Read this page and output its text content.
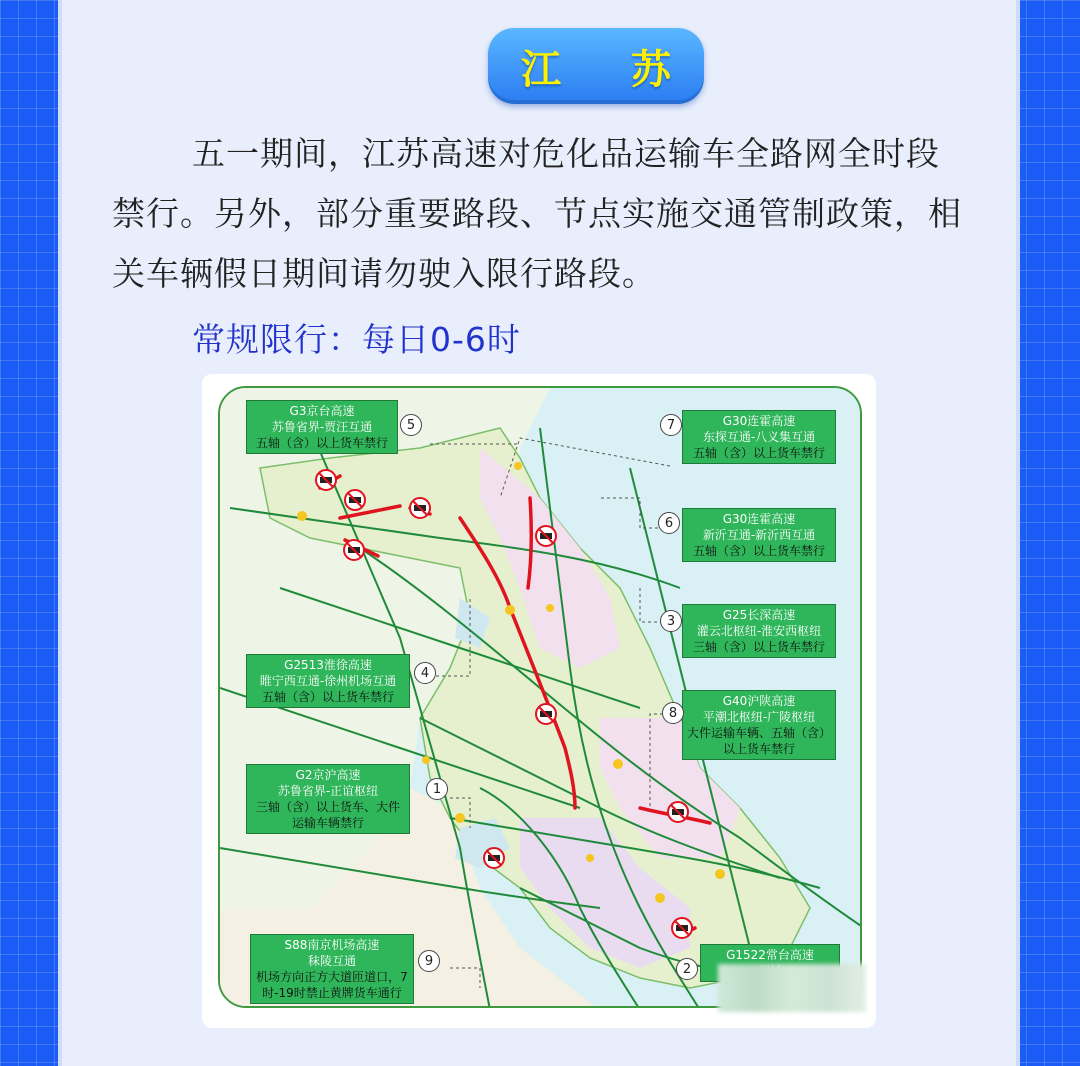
江 苏
五一期间，江苏高速对危化品运输车全路网全时段禁行。另外，部分重要路段、节点实施交通管制政策，相关车辆假日期间请勿驶入限行路段。
常规限行：每日0-6时
G3京台高速
苏鲁省界-贾汪互通
五轴（含）以上货车禁行
5	G30连霍高速
东探互通-八义集互通
五轴（含）以上货车禁行
7
G30连霍高速
新沂互通-新沂西互通
五轴（含）以上货车禁行
6
G25长深高速
灌云北枢纽-淮安西枢纽
三轴（含）以上货车禁行
3
G2513淮徐高速
睢宁西互通-徐州机场互通
五轴（含）以上货车禁行
4
G40沪陕高速
平潮北枢纽-广陵枢纽
大件运输车辆、五轴（含）以上货车禁行
8
G2京沪高速
苏鲁省界-正谊枢纽
三轴（含）以上货车、大件运输车辆禁行
1
S88南京机场高速
秣陵互通
机场方向正方大道匝道口，7时-19时禁止黄牌货车通行
9	G1522常台高速
2
